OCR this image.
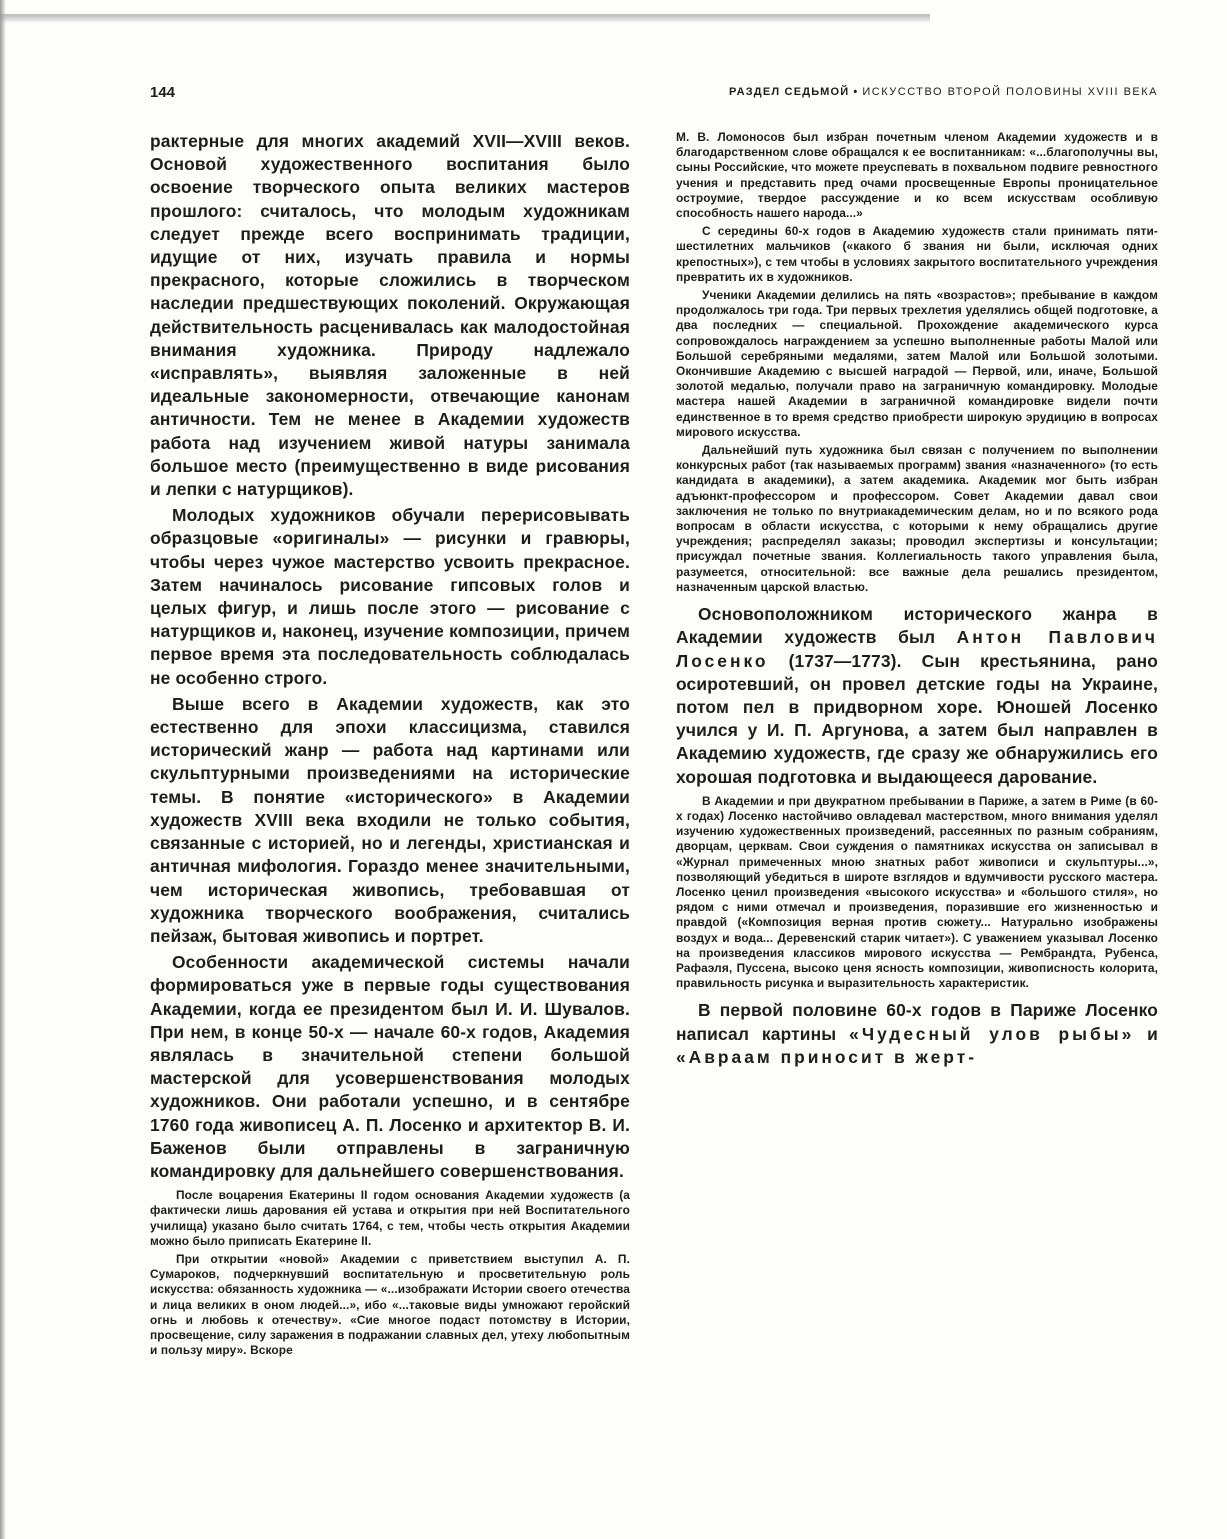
144	РАЗДЕЛ СЕДЬМОЙ • ИСКУССТВО ВТОРОЙ ПОЛОВИНЫ XVIII ВЕКА

рактерные для многих академий XVII—XVIII веков. Основой художественного воспитания было освоение творческого опыта великих мастеров прошлого: считалось, что молодым художникам следует прежде всего воспринимать традиции, идущие от них, изучать правила и нормы прекрасного, которые сложились в творческом наследии предшествующих поколений. Окружающая действительность расценивалась как малодостойная внимания художника. Природу надлежало «исправлять», выявляя заложенные в ней идеальные закономерности, отвечающие канонам античности. Тем не менее в Академии художеств работа над изучением живой натуры занимала большое место (преимущественно в виде рисования и лепки с натурщиков).

Молодых художников обучали перерисовывать образцовые «оригиналы» — рисунки и гравюры, чтобы через чужое мастерство усвоить прекрасное. Затем начиналось рисование гипсовых голов и целых фигур, и лишь после этого — рисование с натурщиков и, наконец, изучение композиции, причем первое время эта последовательность соблюдалась не особенно строго.

Выше всего в Академии художеств, как это естественно для эпохи классицизма, ставился исторический жанр — работа над картинами или скульптурными произведениями на исторические темы. В понятие «исторического» в Академии художеств XVIII века входили не только события, связанные с историей, но и легенды, христианская и античная мифология. Гораздо менее значительными, чем историческая живопись, требовавшая от художника творческого воображения, считались пейзаж, бытовая живопись и портрет.

Особенности академической системы начали формироваться уже в первые годы существования Академии, когда ее президентом был И. И. Шувалов. При нем, в конце 50-х — начале 60-х годов, Академия являлась в значительной степени большой мастерской для усовершенствования молодых художников. Они работали успешно, и в сентябре 1760 года живописец А. П. Лосенко и архитектор В. И. Баженов были отправлены в заграничную командировку для дальнейшего совершенствования.

После воцарения Екатерины II годом основания Академии художеств (а фактически лишь дарования ей устава и открытия при ней Воспитательного училища) указано было считать 1764, с тем, чтобы честь открытия Академии можно было приписать Екатерине II.

При открытии «новой» Академии с приветствием выступил А. П. Сумароков, подчеркнувший воспитательную и просветительную роль искусства: обязанность художника — «...изображати Истории своего отечества и лица великих в оном людей...», ибо «...таковые виды умножают геройский огнь и любовь к отечеству». «Сие многое подаст потомству в Истории, просвещение, силу заражения в подражании славных дел, утеху любопытным и пользу миру». Вскоре

М. В. Ломоносов был избран почетным членом Академии художеств и в благодарственном слове обращался к ее воспитанникам: «...благополучны вы, сыны Российские, что можете преуспевать в похвальном подвиге ревностного учения и представить пред очами просвещенные Европы проницательное остроумие, твердое рассуждение и ко всем искусствам особливую способность нашего народа...»

С середины 60-х годов в Академию художеств стали принимать пяти-шестилетних мальчиков («какого б звания ни были, исключая одних крепостных»), с тем чтобы в условиях закрытого воспитательного учреждения превратить их в художников.

Ученики Академии делились на пять «возрастов»; пребывание в каждом продолжалось три года. Три первых трехлетия уделялись общей подготовке, а два последних — специальной. Прохождение академического курса сопровождалось награждением за успешно выполненные работы Малой или Большой серебряными медалями, затем Малой или Большой золотыми. Окончившие Академию с высшей наградой — Первой, или, иначе, Большой золотой медалью, получали право на заграничную командировку. Молодые мастера нашей Академии в заграничной командировке видели почти единственное в то время средство приобрести широкую эрудицию в вопросах мирового искусства.

Дальнейший путь художника был связан с получением по выполнении конкурсных работ (так называемых программ) звания «назначенного» (то есть кандидата в академики), а затем академика. Академик мог быть избран адъюнкт-профессором и профессором. Совет Академии давал свои заключения не только по внутриакадемическим делам, но и по всякого рода вопросам в области искусства, с которыми к нему обращались другие учреждения; распределял заказы; проводил экспертизы и консультации; присуждал почетные звания. Коллегиальность такого управления была, разумеется, относительной: все важные дела решались президентом, назначенным царской властью.

Основоположником исторического жанра в Академии художеств был Антон Павлович Лосенко (1737—1773). Сын крестьянина, рано осиротевший, он провел детские годы на Украине, потом пел в придворном хоре. Юношей Лосенко учился у И. П. Аргунова, а затем был направлен в Академию художеств, где сразу же обнаружились его хорошая подготовка и выдающееся дарование.

В Академии и при двукратном пребывании в Париже, а затем в Риме (в 60-х годах) Лосенко настойчиво овладевал мастерством, много внимания уделял изучению художественных произведений, рассеянных по разным собраниям, дворцам, церквам. Свои суждения о памятниках искусства он записывал в «Журнал примеченных мною знатных работ живописи и скульптуры...», позволяющий убедиться в широте взглядов и вдумчивости русского мастера. Лосенко ценил произведения «высокого искусства» и «большого стиля», но рядом с ними отмечал и произведения, поразившие его жизненностью и правдой («Композиция верная против сюжету... Натурально изображены воздух и вода... Деревенский старик читает»). С уважением указывал Лосенко на произведения классиков мирового искусства — Рембрандта, Рубенса, Рафаэля, Пуссена, высоко ценя ясность композиции, живописность колорита, правильность рисунка и выразительность характеристик.

В первой половине 60-х годов в Париже Лосенко написал картины «Чудесный улов рыбы» и «Авраам приносит в жерт-
